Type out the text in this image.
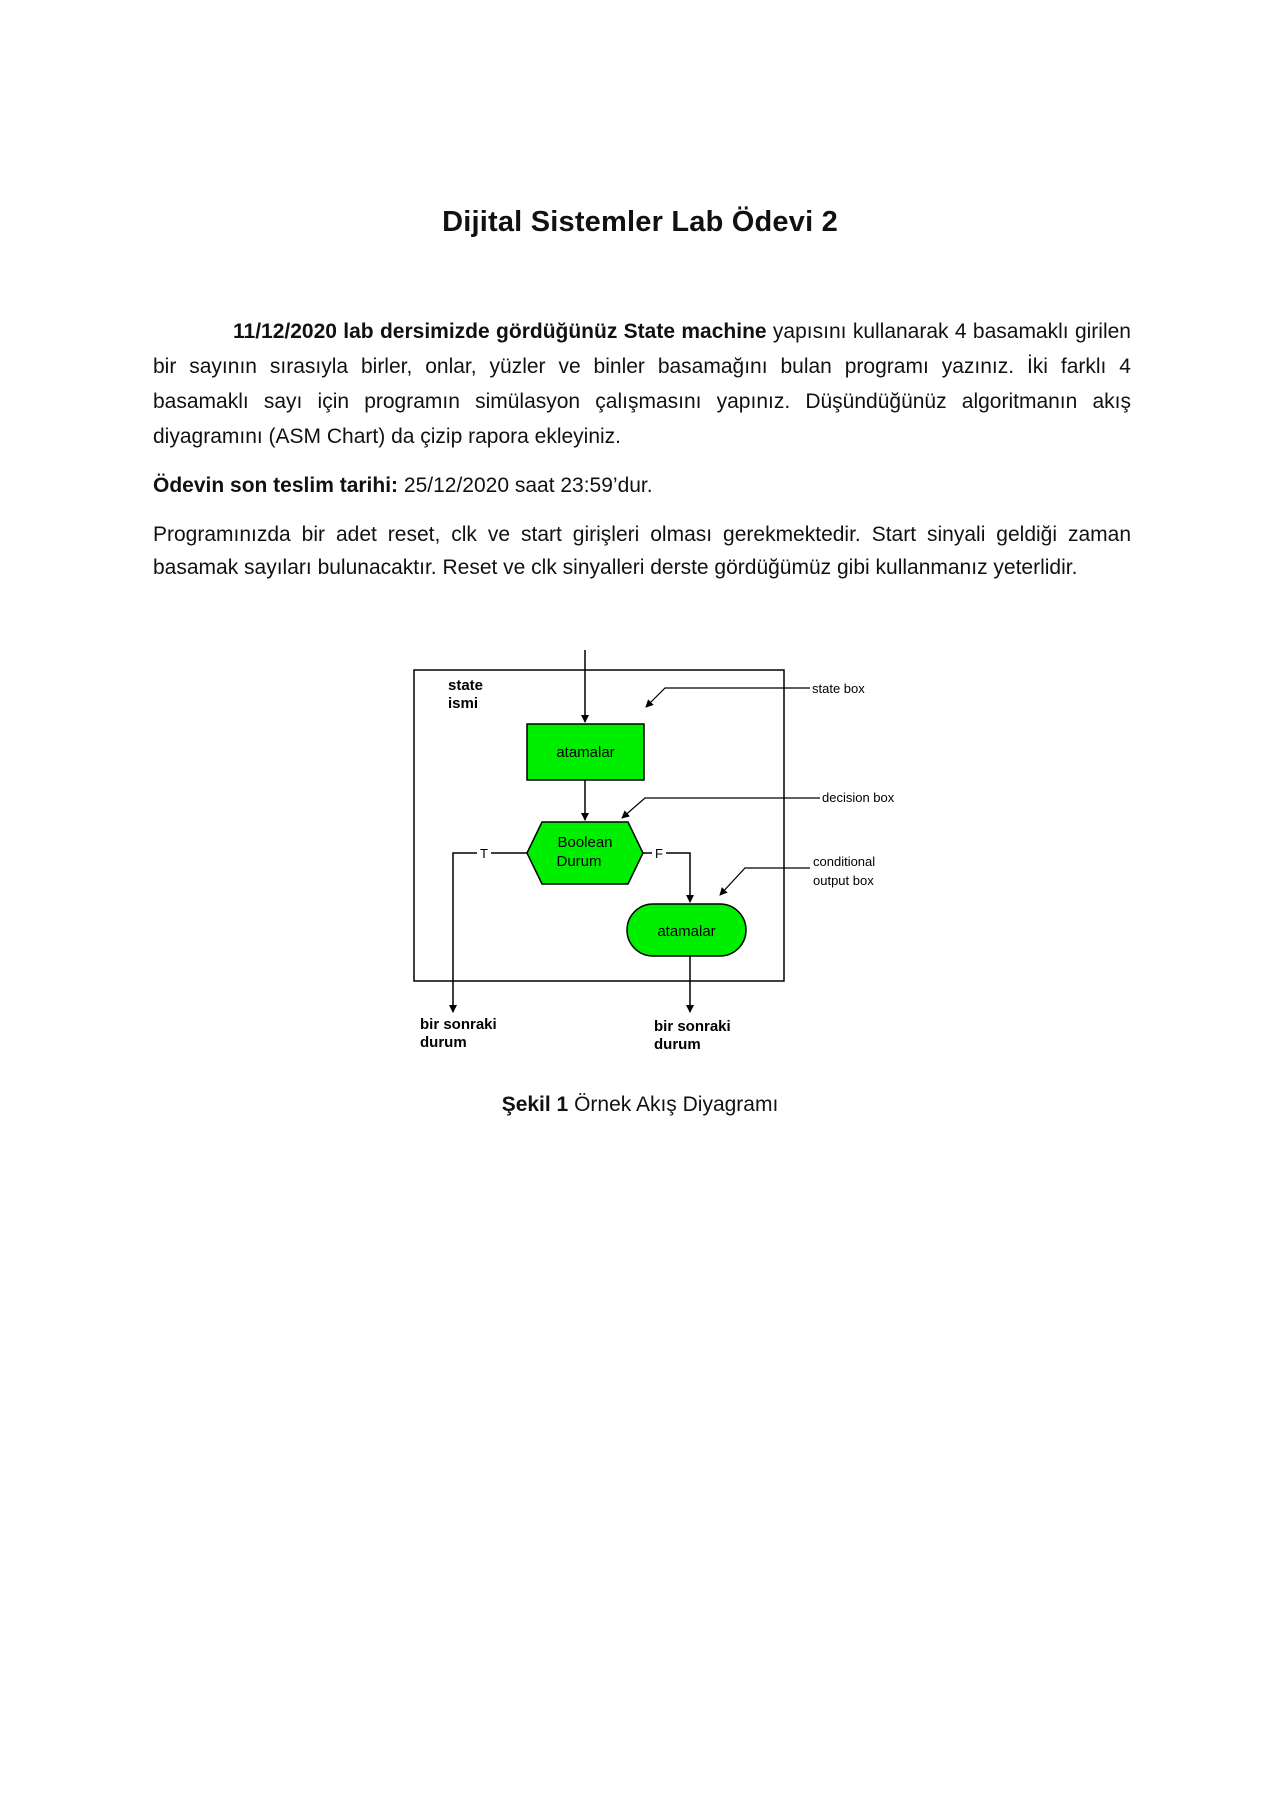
Dijital Sistemler Lab Ödevi 2

11/12/2020 lab dersimizde gördüğünüz State machine yapısını kullanarak 4 basamaklı girilen bir sayının sırasıyla birler, onlar, yüzler ve binler basamağını bulan programı yazınız. İki farklı 4 basamaklı sayı için programın simülasyon çalışmasını yapınız. Düşündüğünüz algoritmanın akış diyagramını (ASM Chart) da çizip rapora ekleyiniz.

Ödevin son teslim tarihi: 25/12/2020 saat 23:59’dur.

Programınızda bir adet reset, clk ve start girişleri olması gerekmektedir. Start sinyali geldiği zaman basamak sayıları bulunacaktır. Reset ve clk sinyalleri derste gördüğümüz gibi kullanmanız yeterlidir.

state
ismi
atamalar
Boolean
Durum
T	F
atamalar
bir sonraki
durum
bir sonraki
durum
state box
decision box
conditional
output box

Şekil 1 Örnek Akış Diyagramı
